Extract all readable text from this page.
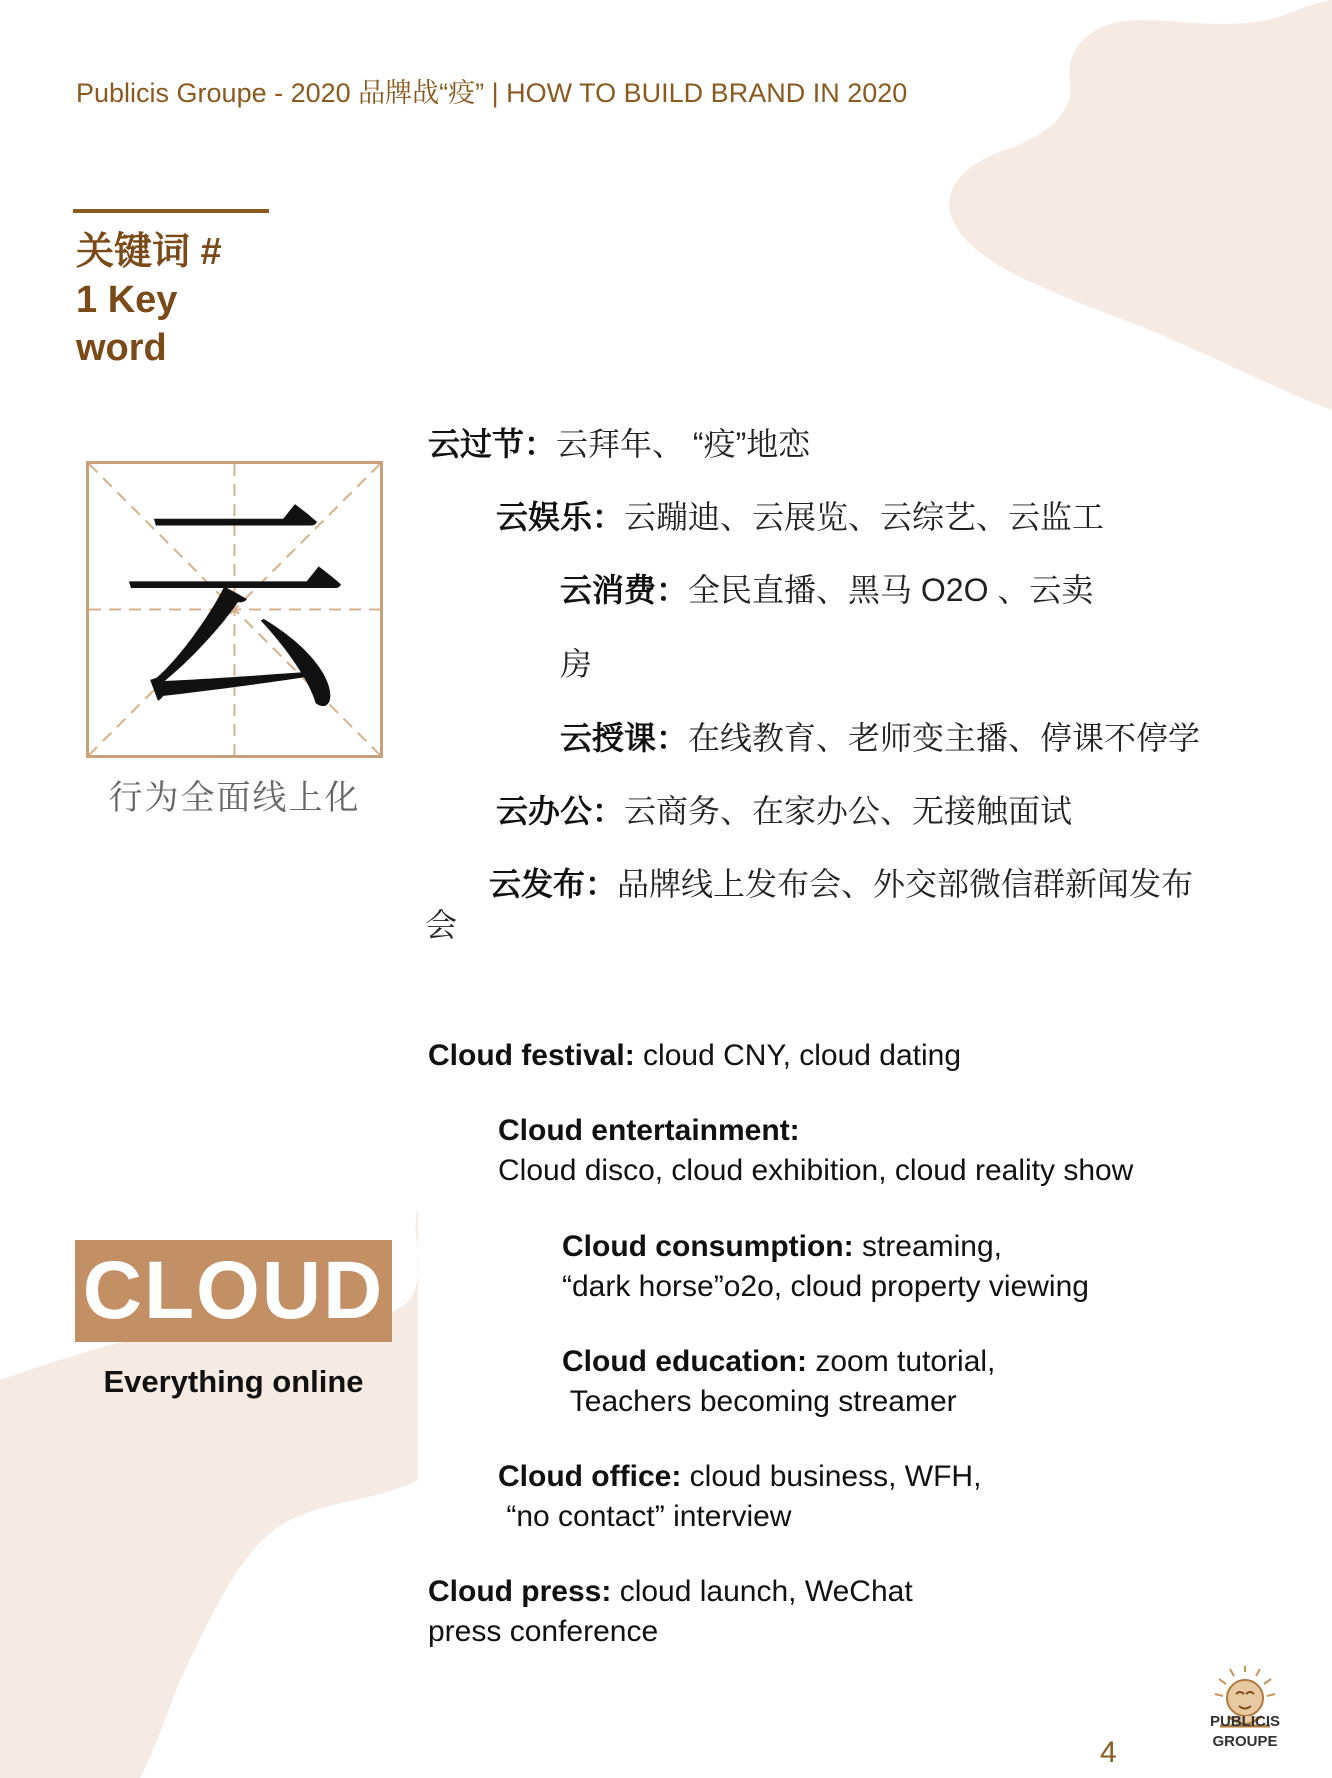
Publicis Groupe - 2020 品牌战“疫” | HOW TO BUILD BRAND IN 2020
关键词 #
1 Key
word
云
行为全面线上化
云过节：云拜年、 “疫”地恋
云娱乐：云蹦迪、云展览、云综艺、云监工
云消费：全民直播、黑马 O2O 、云卖
房
云授课：在线教育、老师变主播、停课不停学
云办公：云商务、在家办公、无接触面试
云发布：品牌线上发布会、外交部微信群新闻发布
会
Cloud festival: cloud CNY, cloud dating
Cloud entertainment:
Cloud disco, cloud exhibition, cloud reality show
Cloud consumption: streaming,
“dark horse”o2o, cloud property viewing
Cloud education: zoom tutorial,
Teachers becoming streamer
Cloud office: cloud business, WFH,
“no contact” interview
Cloud press: cloud launch, WeChat
press conference
CLOUD
Everything online
4
PUBLICIS
GROUPE
